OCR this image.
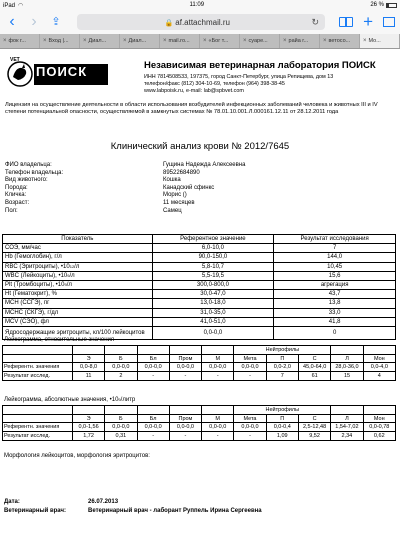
iPad ◠	11:09	26 %
‹ ›	⇪	🔒 af.attachmail.ru	↻	+
× фок г...	× Вход |... × Диал...	× Диал...	× mail.ro... × «Бог т... × суаре...	× райа г... × ветосо... × Мо...
VET	ЛАБОРАТОРИЯ
ПОИСК	Независимая ветеринарная лаборатория ПОИСК
ИНН 7814508533, 197375, город Санкт-Петербург, улица Репищева, дом 13
телефон/факс (812) 304-10-69, телефон (964) 398-38-45
www.labpoisk.ru, e-mail: lab@spbvet.com
Лицензия на осуществление деятельности в области использования возбудителей инфекционных заболеваний человека и животных III и IV степени потенциальной опасности, осуществляемой в замкнутых системах № 78.01.10.001.Л.000161.12.11 от 28.12.2011 года
Клинический анализ крови № 2012/7645
ФИО владельца:	Гущина Надежда Алексеевна
Телефон владельца:	89522684890
Вид животного:	Кошка
Порода:	Канадский сфинкс
Кличка:	Морис ()
Возраст:	11 месяцев
Пол:	Самец
Показатель	Референтное значение	Результат исследования
СОЭ, мм/час	6,0-10,0	7
Hb (Гемоглобин), г/л	90,0-150,0	144,0
RBC (Эритроциты), $•10^{12}/л$	5,8-10,7	10,45
WBC (Лейкоциты), $•10^9/л$	5,5-19,5	15,6
Plt (Тромбоциты), $•10^9/л$	300,0-800,0	агрегация
Ht (Гематокрит), %	30,0-47,0	43,7
MCH (ССГЭ), пг	13,0-18,0	13,8
MCHC (СКГЭ), г/дл	31,0-35,0	33,0
MCV (СЭО), фл	41,0-51,0	41,8
Ядросодержащие эритроциты, кл/100 лейкоцитов	0,0-0,0	0
Лейкограмма, относительные значения
						Нейтрофилы				
	Э	Б	Бл	Пром	М	Мета	П	С	Л	Мон
Референтн. значения	0,0-8,0	0,0-0,0	0,0-0,0	0,0-0,0	0,0-0,0	0,0-0,0	0,0-2,0	45,0-64,0	28,0-36,0	0,0-4,0
Результат исслед.	11	2	-	-	-	-	7	61	15	4
Лейкограмма, абсолютные значения, $•10^9$/литр
						Нейтрофилы				
	Э	Б	Бл	Пром	М	Мета	П	С	Л	Мон
Референтн. значения	0,0-1,56	0,0-0,0	0,0-0,0	0,0-0,0	0,0-0,0	0,0-0,0	0,0-0,4	2,5-12,48	1,54-7,02	0,0-0,78
Результат исслед.	1,72	0,31	-	-	-	-	1,09	9,52	2,34	0,62
Морфология лейкоцитов, морфология эритроцитов:
Дата:	26.07.2013
Ветеринарный врач:	Ветеринарный врач - лаборант Руппель Ирина Сергеевна
